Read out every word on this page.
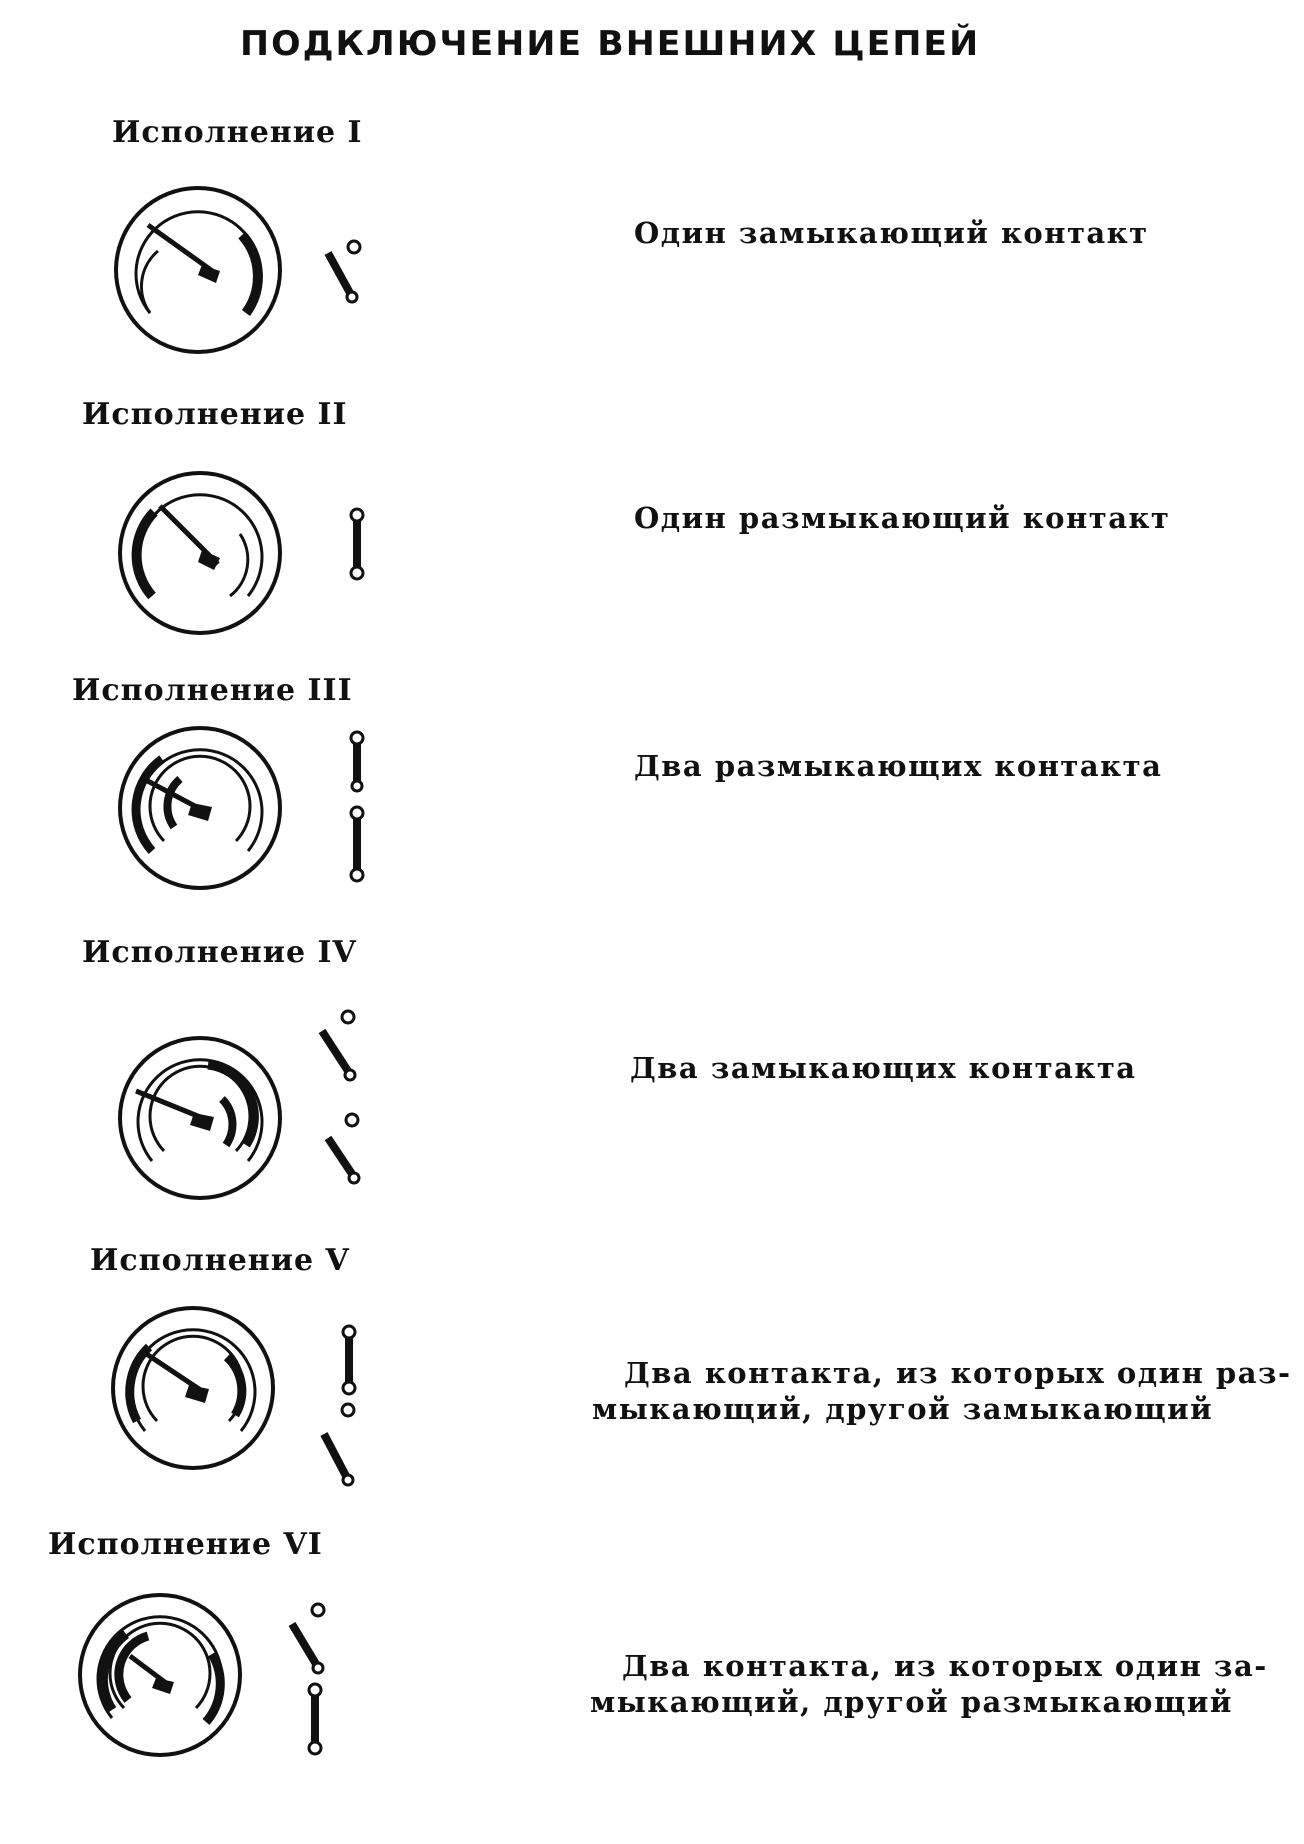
ПОДКЛЮЧЕНИЕ ВНЕШНИХ ЦЕПЕЙ
Исполнение I
Один замыкающий контакт
Исполнение II
Один размыкающий контакт
Исполнение III
Два размыкающих контакта
Исполнение IV
Два замыкающих контакта
Исполнение V
Два контакта, из которых один раз-
мыкающий, другой замыкающий
Исполнение VI
Два контакта, из которых один за-
мыкающий, другой размыкающий
